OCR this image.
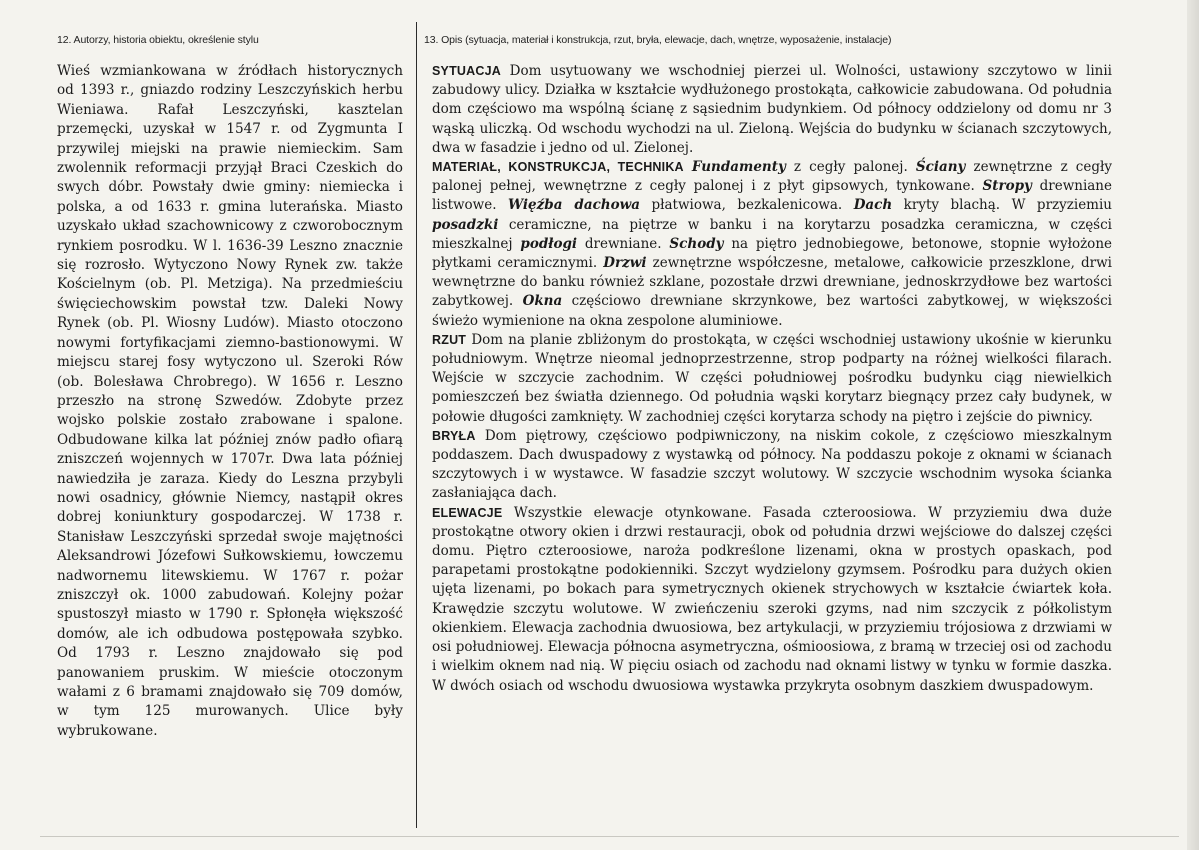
12. Autorzy, historia obiektu, określenie stylu	13. Opis (sytuacja, materiał i konstrukcja, rzut, bryła, elewacje, dach, wnętrze, wyposażenie, instalacje)
Wieś wzmiankowana w źródłach historycznych od 1393 r., gniazdo rodziny Leszczyńskich herbu Wieniawa. Rafał Leszczyński, kasztelan przemęcki, uzyskał w 1547 r. od Zygmunta I przywilej miejski na prawie niemieckim. Sam zwolennik reformacji przyjął Braci Czeskich do swych dóbr. Powstały dwie gminy: niemiecka i polska, a od 1633 r. gmina luterańska. Miasto uzyskało układ szachownicowy z czworobocznym rynkiem posrodku. W l. 1636-39 Leszno znacznie się rozrosło. Wytyczono Nowy Rynek zw. także Kościelnym (ob. Pl. Metziga). Na przedmieściu święciechowskim powstał tzw. Daleki Nowy Rynek (ob. Pl. Wiosny Ludów). Miasto otoczono nowymi fortyfikacjami ziemno-bastionowymi. W miejscu starej fosy wytyczono ul. Szeroki Rów (ob. Bolesława Chrobrego). W 1656 r. Leszno przeszło na stronę Szwedów. Zdobyte przez wojsko polskie zostało zrabowane i spalone. Odbudowane kilka lat później znów padło ofiarą zniszczeń wojennych w 1707r. Dwa lata później nawiedziła je zaraza. Kiedy do Leszna przybyli nowi osadnicy, głównie Niemcy, nastąpił okres dobrej koniunktury gospodarczej. W 1738 r. Stanisław Leszczyński sprzedał swoje majętności Aleksandrowi Józefowi Sułkowskiemu, łowczemu nadwornemu litewskiemu. W 1767 r. pożar zniszczył ok. 1000 zabudowań. Kolejny pożar spustoszył miasto w 1790 r. Spłonęła większość domów, ale ich odbudowa postępowała szybko. Od 1793 r. Leszno znajdowało się pod panowaniem pruskim. W mieście otoczonym wałami z 6 bramami znajdowało się 709 domów, w tym 125 murowanych. Ulice były wybrukowane.

SYTUACJA Dom usytuowany we wschodniej pierzei ul. Wolności, ustawiony szczytowo w linii zabudowy ulicy. Działka w kształcie wydłużonego prostokąta, całkowicie zabudowana. Od południa dom częściowo ma wspólną ścianę z sąsiednim budynkiem. Od północy oddzielony od domu nr 3 wąską uliczką. Od wschodu wychodzi na ul. Zieloną. Wejścia do budynku w ścianach szczytowych, dwa w fasadzie i jedno od ul. Zielonej.

MATERIAŁ, KONSTRUKCJA, TECHNIKA Fundamenty z cegły palonej. Ściany zewnętrzne z cegły palonej pełnej, wewnętrzne z cegły palonej i z płyt gipsowych, tynkowane. Stropy drewniane listwowe. Więźba dachowa płatwiowa, bezkalenicowa. Dach kryty blachą. W przyziemiu posadzki ceramiczne, na piętrze w banku i na korytarzu posadzka ceramiczna, w części mieszkalnej podłogi drewniane. Schody na piętro jednobiegowe, betonowe, stopnie wyłożone płytkami ceramicznymi. Drzwi zewnętrzne współczesne, metalowe, całkowicie przeszklone, drwi wewnętrzne do banku również szklane, pozostałe drzwi drewniane, jednoskrzydłowe bez wartości zabytkowej. Okna częściowo drewniane skrzynkowe, bez wartości zabytkowej, w większości świeżo wymienione na okna zespolone aluminiowe.

RZUT Dom na planie zbliżonym do prostokąta, w części wschodniej ustawiony ukośnie w kierunku południowym. Wnętrze nieomal jednoprzestrzenne, strop podparty na różnej wielkości filarach. Wejście w szczycie zachodnim. W części południowej pośrodku budynku ciąg niewielkich pomieszczeń bez światła dziennego. Od południa wąski korytarz biegnący przez cały budynek, w połowie długości zamknięty. W zachodniej części korytarza schody na piętro i zejście do piwnicy.

BRYŁA Dom piętrowy, częściowo podpiwniczony, na niskim cokole, z częściowo mieszkalnym poddaszem. Dach dwuspadowy z wystawką od północy. Na poddaszu pokoje z oknami w ścianach szczytowych i w wystawce. W fasadzie szczyt wolutowy. W szczycie wschodnim wysoka ścianka zasłaniająca dach.

ELEWACJE Wszystkie elewacje otynkowane. Fasada czteroosiowa. W przyziemiu dwa duże prostokątne otwory okien i drzwi restauracji, obok od południa drzwi wejściowe do dalszej części domu. Piętro czteroosiowe, naroża podkreślone lizenami, okna w prostych opaskach, pod parapetami prostokątne podokienniki. Szczyt wydzielony gzymsem. Pośrodku para dużych okien ujęta lizenami, po bokach para symetrycznych okienek strychowych w kształcie ćwiartek koła. Krawędzie szczytu wolutowe. W zwieńczeniu szeroki gzyms, nad nim szczycik z półkolistym okienkiem. Elewacja zachodnia dwuosiowa, bez artykulacji, w przyziemiu trójosiowa z drzwiami w osi południowej. Elewacja północna asymetryczna, ośmioosiowa, z bramą w trzeciej osi od zachodu i wielkim oknem nad nią. W pięciu osiach od zachodu nad oknami listwy w tynku w formie daszka. W dwóch osiach od wschodu dwuosiowa wystawka przykryta osobnym daszkiem dwuspadowym.
